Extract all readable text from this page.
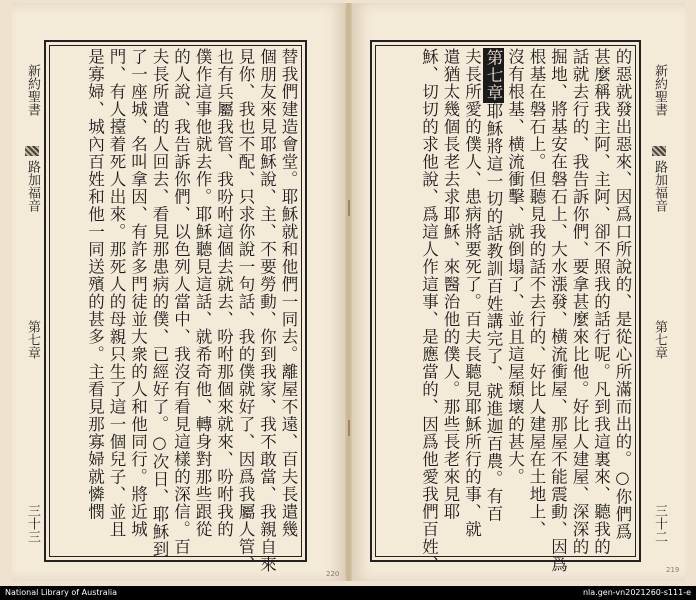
新約聖書
路加福音
第七章
三十三	替我們建造會堂。耶穌就和他們一同去。離屋不遠、百夫長遣幾
個朋友來見耶穌說、主、不要勞動、你到我家、我不敢當、我親自來
見你、我也不配、只求你說一句話、我的僕就好了、因爲我屬人管、
也有兵屬我管、我吩咐這個去就去、吩咐那個來就來、吩咐我的
僕作這事他就去作。耶穌聽見這話、就希奇他、轉身對那些跟從
的人說、我告訴你們、以色列人當中、我沒有看見這樣的深信。百
夫長所遣的人回去、看見那患病的僕、已經好了。○次日、耶穌到
了一座城、名叫拿因、有許多門徒並大衆的人和他同行。將近城
門、有人擡着死人出來。那死人的母親只生了這一個兒子、並且
是寡婦、城內百姓和他一同送殯的甚多。主看見那寡婦就憐憫	新約聖書
路加福音
第七章
三十二
的惡就發出惡來、因爲口所說的、是從心所滿而出的。○你們爲
甚麼稱我主阿、主阿、卻不照我的話行呢。凡到我這裏來、聽我的
話就去行的、我告訴你們、要拿甚麼來比他。好比人建屋、深深的
掘地、將基安在磐石上、大水漲發、横流衝屋、那屋不能震動、因爲
根基在磐石上。但聽見我的話不去行的、好比人建屋在土地上、
沒有根基、横流衝擊、就倒塌了、並且這屋頹壞的甚大。
第七章耶穌將這一切的話教訓百姓講完了、就進迦百農。有百
夫長所愛的僕人、患病將要死了。百夫長聽見耶穌所行的事、就
遣猶太幾個長老去求耶穌、來醫治他的僕人。那些長老來見耶
穌、切切的求他說、爲這人作這事、是應當的、因爲他愛我們百姓、
220	219
National Library of Australia	nla.gen-vn2021260-s111-e
